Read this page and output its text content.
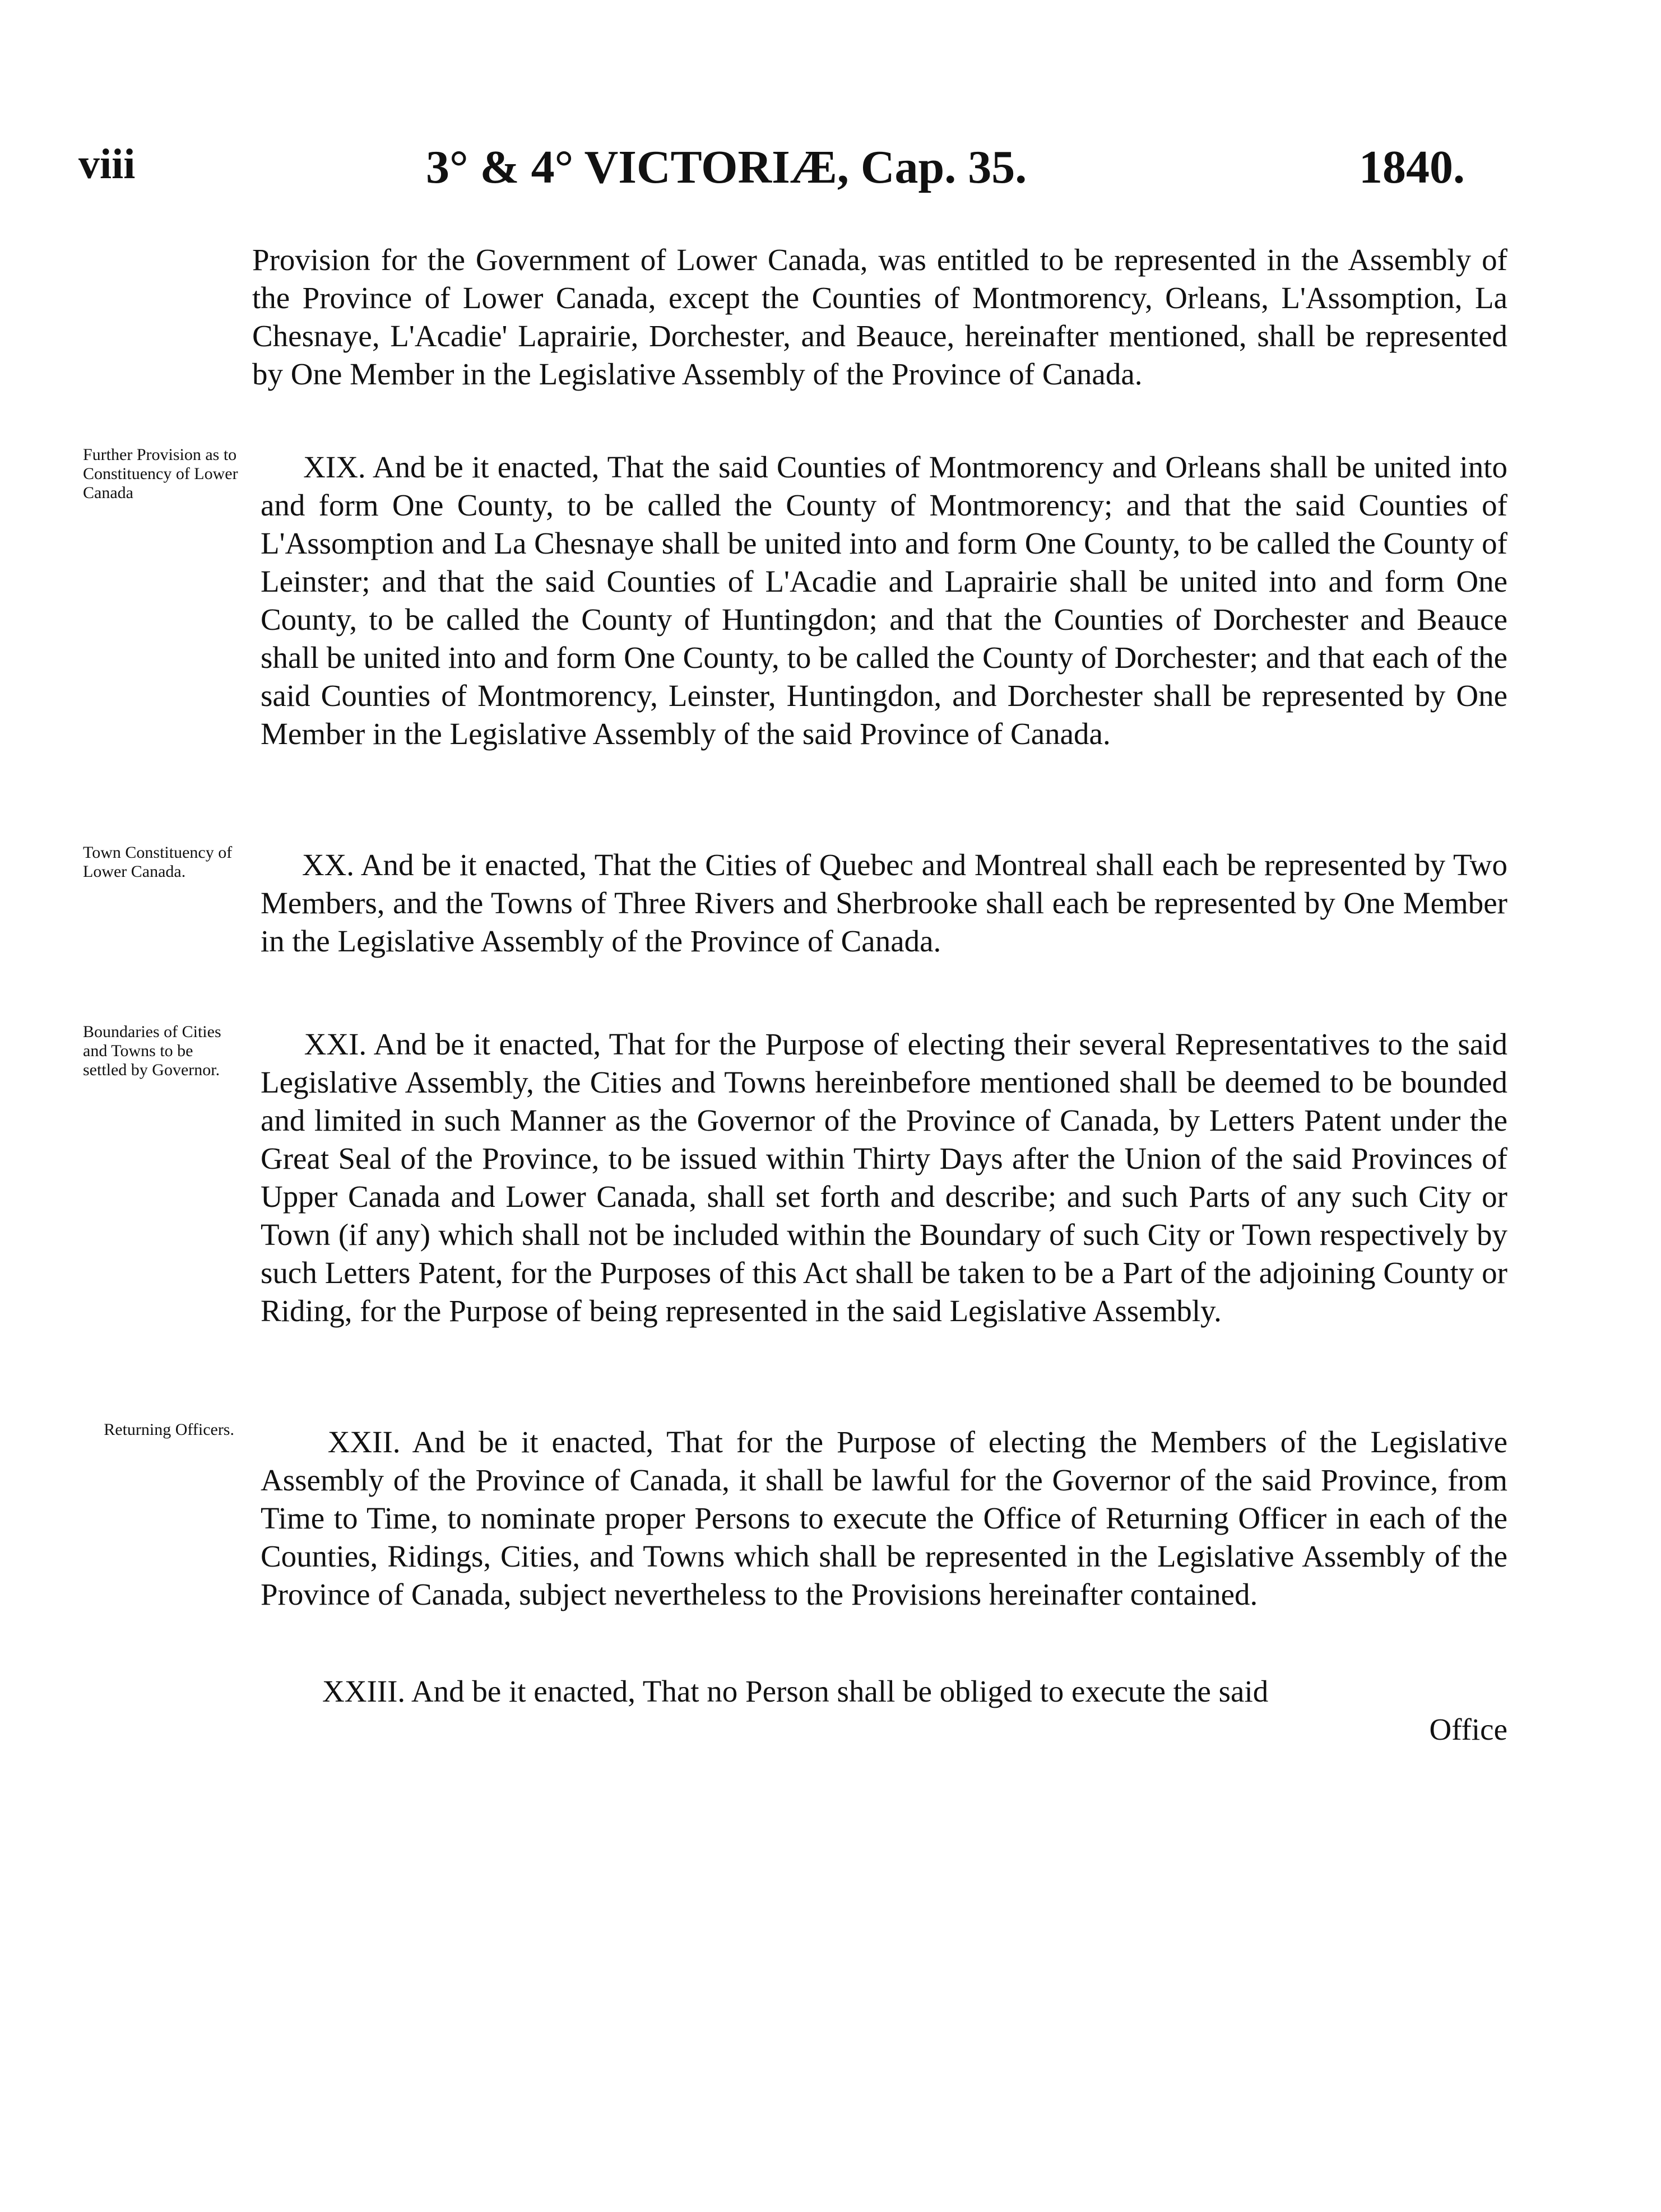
viii	3° & 4° VICTORIÆ, Cap. 35.	1840.
Provision for the Government of Lower Canada, was entitled to be represented in the Assembly of the Province of Lower Canada, except the Counties of Montmorency, Orleans, L'Assomption, La Chesnaye, L'Acadie' Laprairie, Dorchester, and Beauce, hereinafter mentioned, shall be represented by One Member in the Legislative Assembly of the Province of Canada.
Further Provision as to Constituency of Lower Canada
XIX. And be it enacted, That the said Counties of Montmorency and Orleans shall be united into and form One County, to be called the County of Montmorency; and that the said Counties of L'Assomption and La Chesnaye shall be united into and form One County, to be called the County of Leinster; and that the said Counties of L'Acadie and Laprairie shall be united into and form One County, to be called the County of Huntingdon; and that the Counties of Dorchester and Beauce shall be united into and form One County, to be called the County of Dorchester; and that each of the said Counties of Montmorency, Leinster, Huntingdon, and Dorchester shall be represented by One Member in the Legislative Assembly of the said Province of Canada.
Town Constituency of Lower Canada.	XX. And be it enacted, That the Cities of Quebec and Montreal shall each be represented by Two Members, and the Towns of Three Rivers and Sherbrooke shall each be represented by One Member in the Legislative Assembly of the Province of Canada.
Boundaries of Cities and Towns to be settled by Governor.
XXI. And be it enacted, That for the Purpose of electing their several Representatives to the said Legislative Assembly, the Cities and Towns hereinbefore mentioned shall be deemed to be bounded and limited in such Manner as the Governor of the Province of Canada, by Letters Patent under the Great Seal of the Province, to be issued within Thirty Days after the Union of the said Provinces of Upper Canada and Lower Canada, shall set forth and describe; and such Parts of any such City or Town (if any) which shall not be included within the Boundary of such City or Town respectively by such Letters Patent, for the Purposes of this Act shall be taken to be a Part of the adjoining County or Riding, for the Purpose of being represented in the said Legislative Assembly.
Returning Officers.	XXII. And be it enacted, That for the Purpose of electing the Members of the Legislative Assembly of the Province of Canada, it shall be lawful for the Governor of the said Province, from Time to Time, to nominate proper Persons to execute the Office of Returning Officer in each of the Counties, Ridings, Cities, and Towns which shall be represented in the Legislative Assembly of the Province of Canada, subject nevertheless to the Provisions hereinafter contained.
XXIII. And be it enacted, That no Person shall be obliged to execute the said
Office
